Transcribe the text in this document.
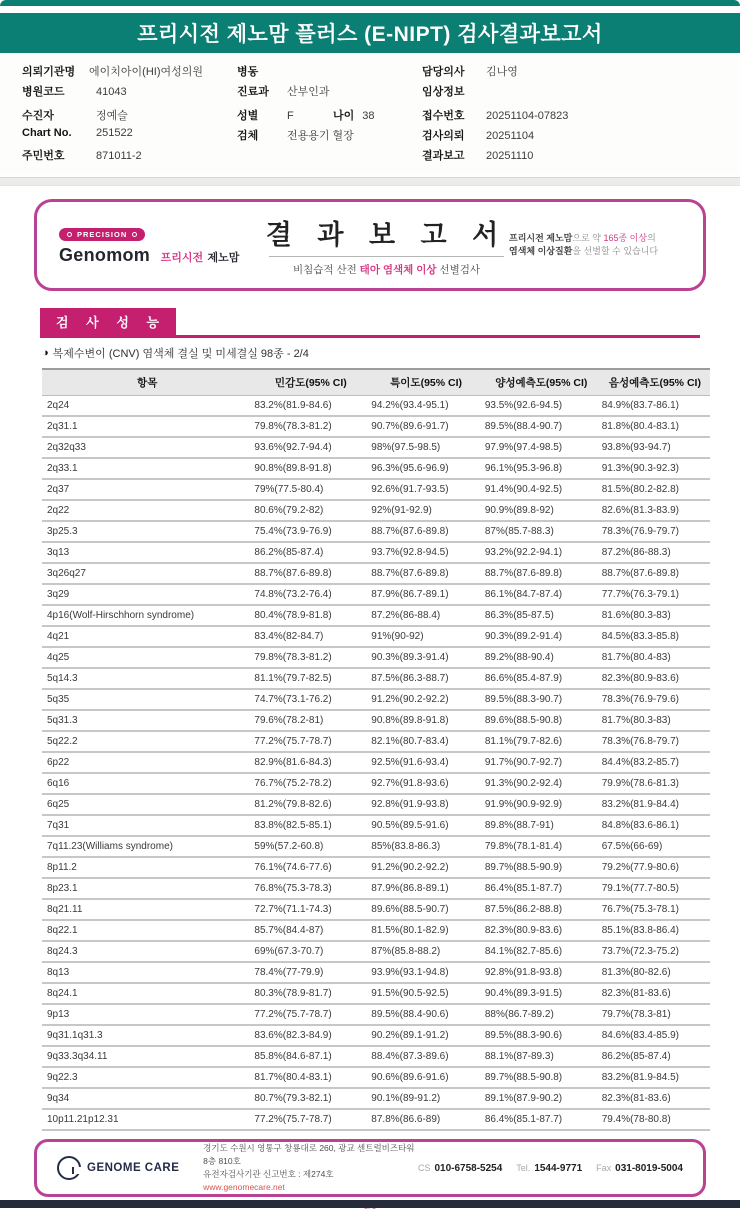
프리시전 제노맘 플러스 (E-NIPT) 검사결과보고서
의뢰기관명	에이치아이(HI)여성의원
병원코드	41043
수진자	정예슬
Chart No.	251522
주민번호	871011-2
병동
진료과	산부인과
성별	F	나이 38
검체	전용용기 혈장
담당의사	김나영
임상정보
접수번호	20251104-07823
검사의뢰	20251104
결과보고	20251110
PRECISION
Genomom 프리시전 제노맘
결 과 보 고 서
비침습적 산전 태아 염색체 이상 선별검사
프리시전 제노맘으로 약 165종 이상의
염색체 이상질환을 선별할 수 있습니다
검 사 성 능
◑ 복제수변이 (CNV) 염색체 결실 및 미세결실 98종 - 2/4
항목	민감도(95% CI)	특이도(95% CI)	양성예측도(95% CI)	음성예측도(95% CI)
2q24	83.2%(81.9-84.6)	94.2%(93.4-95.1)	93.5%(92.6-94.5)	84.9%(83.7-86.1)
2q31.1	79.8%(78.3-81.2)	90.7%(89.6-91.7)	89.5%(88.4-90.7)	81.8%(80.4-83.1)
2q32q33	93.6%(92.7-94.4)	98%(97.5-98.5)	97.9%(97.4-98.5)	93.8%(93-94.7)
2q33.1	90.8%(89.8-91.8)	96.3%(95.6-96.9)	96.1%(95.3-96.8)	91.3%(90.3-92.3)
2q37	79%(77.5-80.4)	92.6%(91.7-93.5)	91.4%(90.4-92.5)	81.5%(80.2-82.8)
2q22	80.6%(79.2-82)	92%(91-92.9)	90.9%(89.8-92)	82.6%(81.3-83.9)
3p25.3	75.4%(73.9-76.9)	88.7%(87.6-89.8)	87%(85.7-88.3)	78.3%(76.9-79.7)
3q13	86.2%(85-87.4)	93.7%(92.8-94.5)	93.2%(92.2-94.1)	87.2%(86-88.3)
3q26q27	88.7%(87.6-89.8)	88.7%(87.6-89.8)	88.7%(87.6-89.8)	88.7%(87.6-89.8)
3q29	74.8%(73.2-76.4)	87.9%(86.7-89.1)	86.1%(84.7-87.4)	77.7%(76.3-79.1)
4p16(Wolf-Hirschhorn syndrome)	80.4%(78.9-81.8)	87.2%(86-88.4)	86.3%(85-87.5)	81.6%(80.3-83)
4q21	83.4%(82-84.7)	91%(90-92)	90.3%(89.2-91.4)	84.5%(83.3-85.8)
4q25	79.8%(78.3-81.2)	90.3%(89.3-91.4)	89.2%(88-90.4)	81.7%(80.4-83)
5q14.3	81.1%(79.7-82.5)	87.5%(86.3-88.7)	86.6%(85.4-87.9)	82.3%(80.9-83.6)
5q35	74.7%(73.1-76.2)	91.2%(90.2-92.2)	89.5%(88.3-90.7)	78.3%(76.9-79.6)
5q31.3	79.6%(78.2-81)	90.8%(89.8-91.8)	89.6%(88.5-90.8)	81.7%(80.3-83)
5q22.2	77.2%(75.7-78.7)	82.1%(80.7-83.4)	81.1%(79.7-82.6)	78.3%(76.8-79.7)
6p22	82.9%(81.6-84.3)	92.5%(91.6-93.4)	91.7%(90.7-92.7)	84.4%(83.2-85.7)
6q16	76.7%(75.2-78.2)	92.7%(91.8-93.6)	91.3%(90.2-92.4)	79.9%(78.6-81.3)
6q25	81.2%(79.8-82.6)	92.8%(91.9-93.8)	91.9%(90.9-92.9)	83.2%(81.9-84.4)
7q31	83.8%(82.5-85.1)	90.5%(89.5-91.6)	89.8%(88.7-91)	84.8%(83.6-86.1)
7q11.23(Williams syndrome)	59%(57.2-60.8)	85%(83.8-86.3)	79.8%(78.1-81.4)	67.5%(66-69)
8p11.2	76.1%(74.6-77.6)	91.2%(90.2-92.2)	89.7%(88.5-90.9)	79.2%(77.9-80.6)
8p23.1	76.8%(75.3-78.3)	87.9%(86.8-89.1)	86.4%(85.1-87.7)	79.1%(77.7-80.5)
8q21.11	72.7%(71.1-74.3)	89.6%(88.5-90.7)	87.5%(86.2-88.8)	76.7%(75.3-78.1)
8q22.1	85.7%(84.4-87)	81.5%(80.1-82.9)	82.3%(80.9-83.6)	85.1%(83.8-86.4)
8q24.3	69%(67.3-70.7)	87%(85.8-88.2)	84.1%(82.7-85.6)	73.7%(72.3-75.2)
8q13	78.4%(77-79.9)	93.9%(93.1-94.8)	92.8%(91.8-93.8)	81.3%(80-82.6)
8q24.1	80.3%(78.9-81.7)	91.5%(90.5-92.5)	90.4%(89.3-91.5)	82.3%(81-83.6)
9p13	77.2%(75.7-78.7)	89.5%(88.4-90.6)	88%(86.7-89.2)	79.7%(78.3-81)
9q31.1q31.3	83.6%(82.3-84.9)	90.2%(89.1-91.2)	89.5%(88.3-90.6)	84.6%(83.4-85.9)
9q33.3q34.11	85.8%(84.6-87.1)	88.4%(87.3-89.6)	88.1%(87-89.3)	86.2%(85-87.4)
9q22.3	81.7%(80.4-83.1)	90.6%(89.6-91.6)	89.7%(88.5-90.8)	83.2%(81.9-84.5)
9q34	80.7%(79.3-82.1)	90.1%(89-91.2)	89.1%(87.9-90.2)	82.3%(81-83.6)
10p11.21p12.31	77.2%(75.7-78.7)	87.8%(86.6-89)	86.4%(85.1-87.7)	79.4%(78-80.8)
GENOME CARE
경기도 수원시 영통구 창룡대로 260, 광교 센트럴비즈타워 8층 810호
유전자검사기관 신고번호 : 제274호
www.genomecare.net
CS 010-6758-5254 Tel. 1544-9771 Fax 031-8019-5004
